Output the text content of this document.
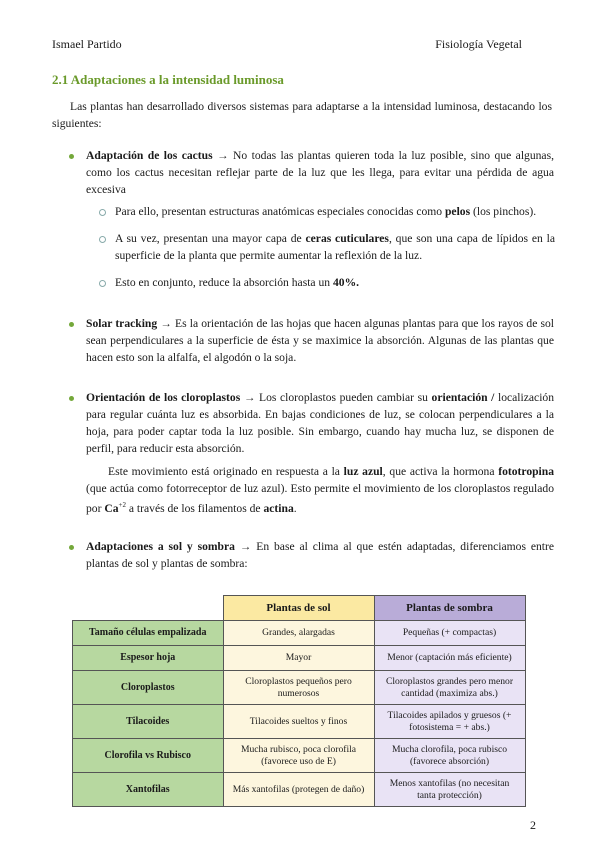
Ismael Partido	Fisiología Vegetal
2.1 Adaptaciones a la intensidad luminosa
Las plantas han desarrollado diversos sistemas para adaptarse a la intensidad luminosa, destacando los siguientes:
Adaptación de los cactus → No todas las plantas quieren toda la luz posible, sino que algunas, como los cactus necesitan reflejar parte de la luz que les llega, para evitar una pérdida de agua excesiva
Para ello, presentan estructuras anatómicas especiales conocidas como pelos (los pinchos).
A su vez, presentan una mayor capa de ceras cuticulares, que son una capa de lípidos en la superficie de la planta que permite aumentar la reflexión de la luz.
Esto en conjunto, reduce la absorción hasta un 40%.
Solar tracking → Es la orientación de las hojas que hacen algunas plantas para que los rayos de sol sean perpendiculares a la superficie de ésta y se maximice la absorción. Algunas de las plantas que hacen esto son la alfalfa, el algodón o la soja.
Orientación de los cloroplastos → Los cloroplastos pueden cambiar su orientación / localización para regular cuánta luz es absorbida. En bajas condiciones de luz, se colocan perpendiculares a la hoja, para poder captar toda la luz posible. Sin embargo, cuando hay mucha luz, se disponen de perfil, para reducir esta absorción.
Este movimiento está originado en respuesta a la luz azul, que activa la hormona fototropina (que actúa como fotorreceptor de luz azul). Esto permite el movimiento de los cloroplastos regulado por $Ca^{+2}$ a través de los filamentos de actina.
Adaptaciones a sol y sombra → En base al clima al que estén adaptadas, diferenciamos entre plantas de sol y plantas de sombra:
	Plantas de sol	Plantas de sombra
Tamaño células empalizada	Grandes, alargadas	Pequeñas (+ compactas)
Espesor hoja	Mayor	Menor (captación más eficiente)
Cloroplastos	Cloroplastos pequeños pero numerosos	Cloroplastos grandes pero menor cantidad (maximiza abs.)
Tilacoides	Tilacoides sueltos y finos	Tilacoides apilados y gruesos (+ fotosistema = + abs.)
Clorofila vs Rubisco	Mucha rubisco, poca clorofila (favorece uso de E)	Mucha clorofila, poca rubisco (favorece absorción)
Xantofilas	Más xantofilas (protegen de daño)	Menos xantofilas (no necesitan tanta protección)
2
